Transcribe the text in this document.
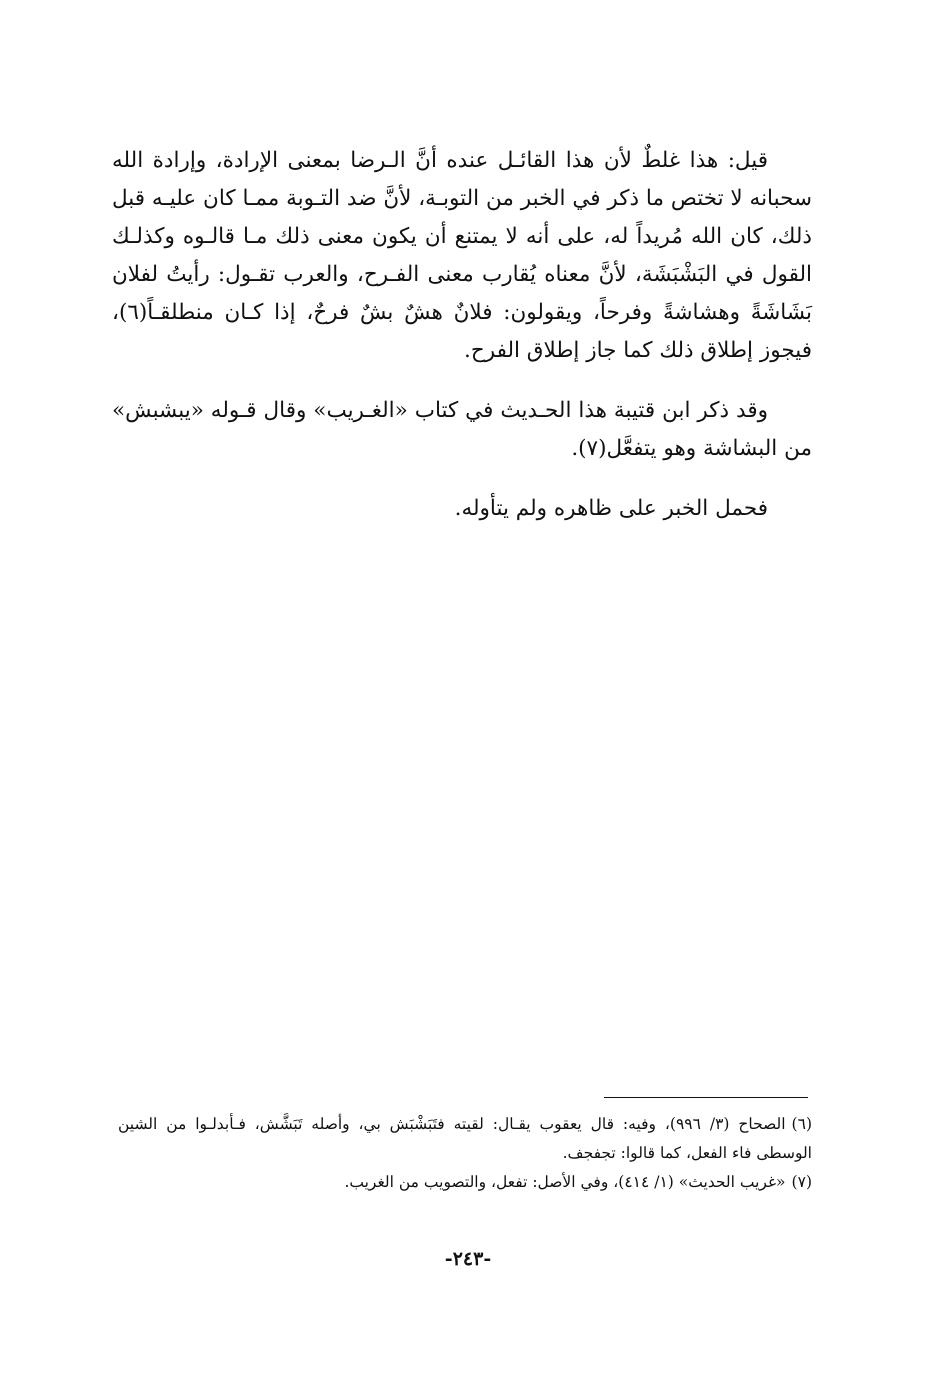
قيل: هذا غلطٌ لأن هذا القائـل عنده أنَّ الـرضا بمعنى الإرادة، وإرادة الله سحبانه لا تختص ما ذكر في الخبر من التوبـة، لأنَّ ضد التـوبة ممـا كان عليـه قبل ذلك، كان الله مُريداً له، على أنه لا يمتنع أن يكون معنى ذلك مـا قالـوه وكذلـك القول في البَشْبَشَة، لأنَّ معناه يُقارب معنى الفـرح، والعرب تقـول: رأيتُ لفلان بَشَاشَةً وهشاشةً وفرحاً، ويقولون: فلانٌ هشٌ بشٌ فرحٌ، إذا كـان منطلقـاً(٦)، فيجوز إطلاق ذلك كما جاز إطلاق الفرح.

وقد ذكر ابن قتيبة هذا الحـديث في كتاب «الغـريب» وقال قـوله «يبشبش» من البشاشة وهو يتفعَّل(٧).

فحمل الخبر على ظاهره ولم يتأوله.

(٦)الصحاح (٣/ ٩٩٦)، وفيه: قال يعقوب يقـال: لقيته فتَبَشْبَش بي، وأصله تَبَشَّش، فـأبدلـوا من الشين الوسطى فاء الفعل، كما قالوا: تجفجف.

(٧)«غريب الحديث» (١/ ٤١٤)، وفي الأصل: تفعل، والتصويب من الغريب.

-٢٤٣-
